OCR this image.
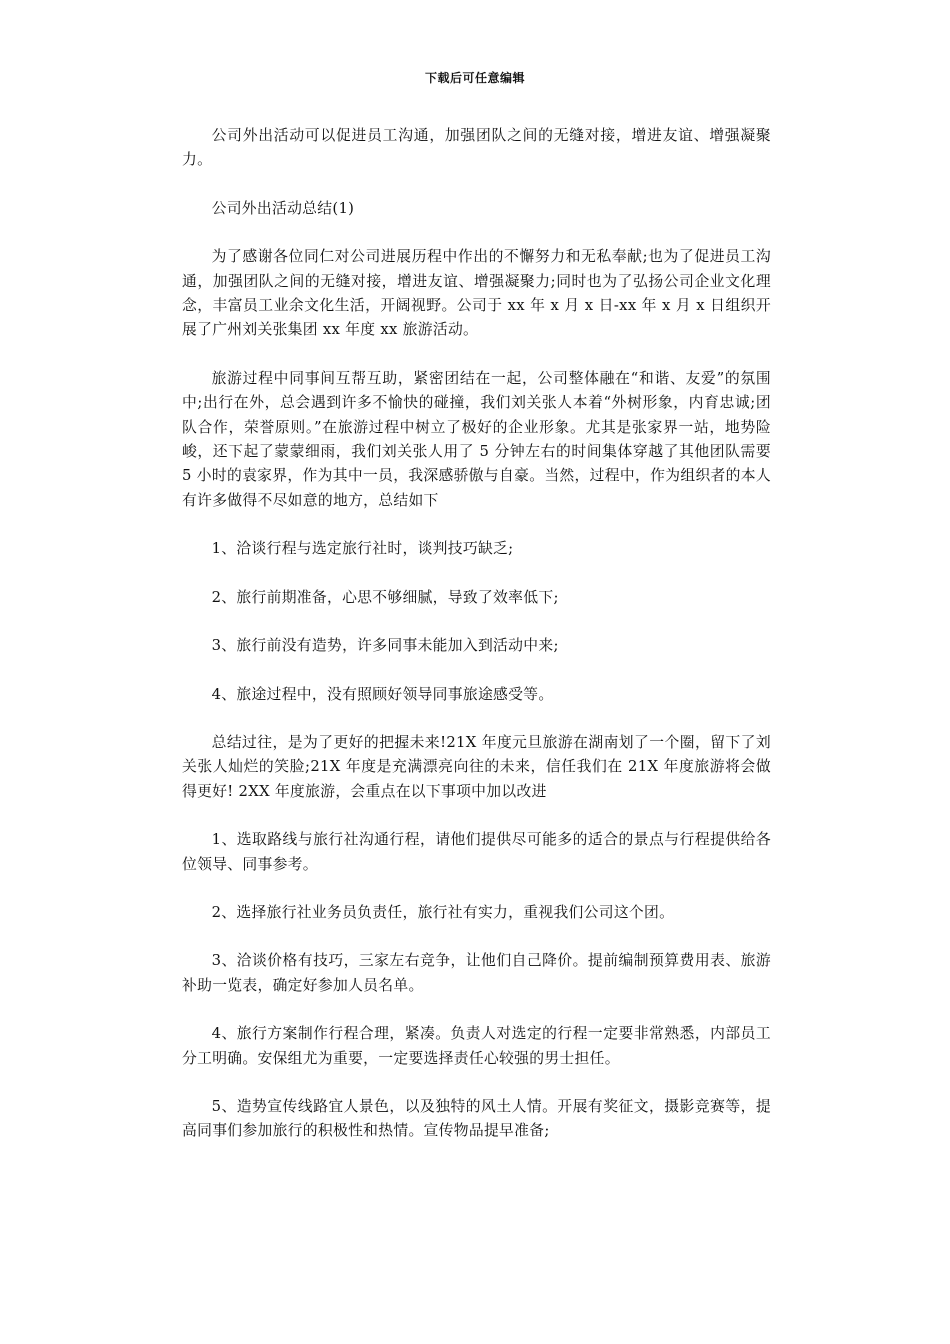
下载后可任意编辑

公司外出活动可以促进员工沟通，加强团队之间的无缝对接，增进友谊、增强凝聚力。

公司外出活动总结(1)

为了感谢各位同仁对公司进展历程中作出的不懈努力和无私奉献;也为了促进员工沟通，加强团队之间的无缝对接，增进友谊、增强凝聚力;同时也为了弘扬公司企业文化理念，丰富员工业余文化生活，开阔视野。公司于 xx 年 x 月 x 日-xx 年 x 月 x 日组织开展了广州刘关张集团 xx 年度 xx 旅游活动。

旅游过程中同事间互帮互助，紧密团结在一起，公司整体融在“和谐、友爱”的氛围中;出行在外，总会遇到许多不愉快的碰撞，我们刘关张人本着“外树形象，内育忠诚;团队合作，荣誉原则。”在旅游过程中树立了极好的企业形象。尤其是张家界一站，地势险峻，还下起了蒙蒙细雨，我们刘关张人用了 5 分钟左右的时间集体穿越了其他团队需要 5 小时的袁家界，作为其中一员，我深感骄傲与自豪。当然，过程中，作为组织者的本人有许多做得不尽如意的地方，总结如下

1、洽谈行程与选定旅行社时，谈判技巧缺乏;

2、旅行前期准备，心思不够细腻，导致了效率低下;

3、旅行前没有造势，许多同事未能加入到活动中来;

4、旅途过程中，没有照顾好领导同事旅途感受等。

总结过往，是为了更好的把握未来!21X 年度元旦旅游在湖南划了一个圈，留下了刘关张人灿烂的笑脸;21X 年度是充满漂亮向往的未来，信任我们在 21X 年度旅游将会做得更好! 2XX 年度旅游，会重点在以下事项中加以改进

1、选取路线与旅行社沟通行程，请他们提供尽可能多的适合的景点与行程提供给各位领导、同事参考。

2、选择旅行社业务员负责任，旅行社有实力，重视我们公司这个团。

3、洽谈价格有技巧，三家左右竞争，让他们自己降价。提前编制预算费用表、旅游补助一览表，确定好参加人员名单。

4、旅行方案制作行程合理，紧凑。负责人对选定的行程一定要非常熟悉，内部员工分工明确。安保组尤为重要，一定要选择责任心较强的男士担任。

5、造势宣传线路宜人景色，以及独特的风土人情。开展有奖征文，摄影竞赛等，提高同事们参加旅行的积极性和热情。宣传物品提早准备;
